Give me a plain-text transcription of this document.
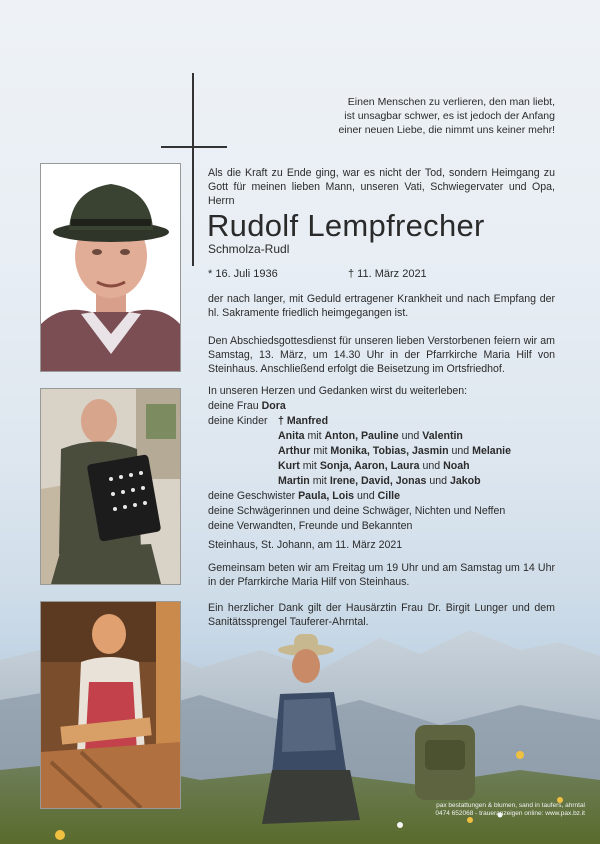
Einen Menschen zu verlieren, den man liebt,
ist unsagbar schwer, es ist jedoch der Anfang
einer neuen Liebe, die nimmt uns keiner mehr!
Als die Kraft zu Ende ging, war es nicht der Tod, sondern Heimgang zu Gott für meinen lieben Mann, unseren Vati, Schwiegervater und Opa, Herrn
Rudolf Lempfrecher
Schmolza-Rudl
* 16. Juli 1936	† 11. März 2021
der nach langer, mit Geduld ertragener Krankheit und nach Empfang der hl. Sakramente friedlich heimgegangen ist.
Den Abschiedsgottesdienst für unseren lieben Verstorbenen feiern wir am Samstag, 13. März, um 14.30 Uhr in der Pfarrkirche Maria Hilf von Steinhaus. Anschließend erfolgt die Beisetzung im Ortsfriedhof.
In unseren Herzen und Gedanken wirst du weiterleben:
deine Frau Dora
deine Kinder † Manfred
Anita mit Anton, Pauline und Valentin
Arthur mit Monika, Tobias, Jasmin und Melanie
Kurt mit Sonja, Aaron, Laura und Noah
Martin mit Irene, David, Jonas und Jakob
deine Geschwister Paula, Lois und Cille
deine Schwägerinnen und deine Schwäger, Nichten und Neffen
deine Verwandten, Freunde und Bekannten
Steinhaus, St. Johann, am 11. März 2021
Gemeinsam beten wir am Freitag um 19 Uhr und am Samstag um 14 Uhr in der Pfarrkirche Maria Hilf von Steinhaus.
Ein herzlicher Dank gilt der Hausärztin Frau Dr. Birgit Lunger und dem Sanitätssprengel Tauferer-Ahrntal.
pax bestattungen & blumen, sand in taufers, ahrntal
0474 652068 - traueranzeigen online: www.pax.bz.it
